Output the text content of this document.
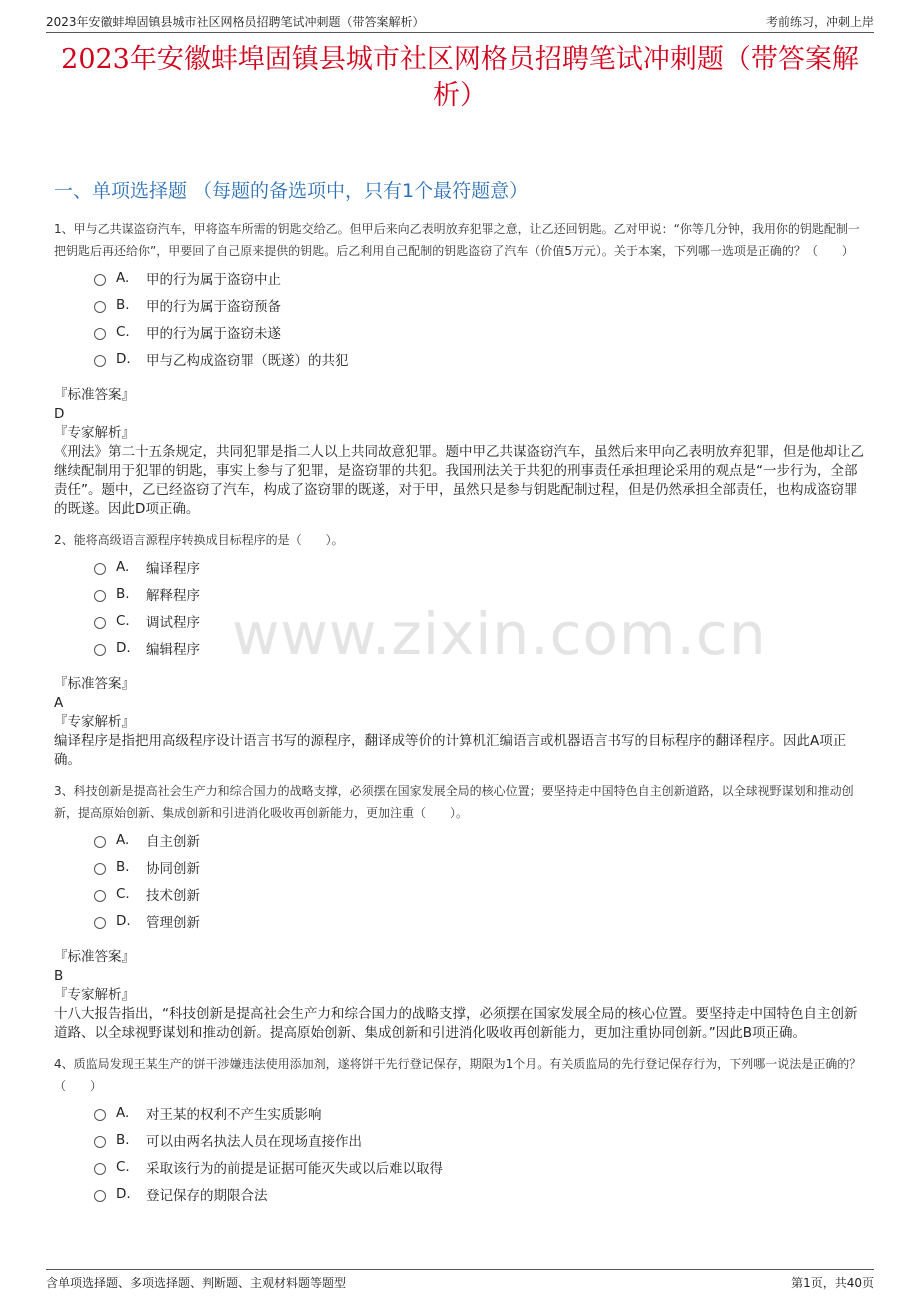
2023年安徽蚌埠固镇县城市社区网格员招聘笔试冲刺题（带答案解析）	考前练习，冲刺上岸
2023年安徽蚌埠固镇县城市社区网格员招聘笔试冲刺题（带答案解析）
一、单项选择题 （每题的备选项中，只有1个最符题意）
www.zixin.com.cn
1、甲与乙共谋盗窃汽车，甲将盗车所需的钥匙交给乙。但甲后来向乙表明放弃犯罪之意，让乙还回钥匙。乙对甲说：“你等几分钟，我用你的钥匙配制一把钥匙后再还给你”，甲要回了自己原来提供的钥匙。后乙利用自己配制的钥匙盗窃了汽车（价值5万元）。关于本案，下列哪一选项是正确的？（　　）
A.	甲的行为属于盗窃中止
B.	甲的行为属于盗窃预备
C.	甲的行为属于盗窃未遂
D.	甲与乙构成盗窃罪（既遂）的共犯
『标准答案』
D
『专家解析』
《刑法》第二十五条规定，共同犯罪是指二人以上共同故意犯罪。题中甲乙共谋盗窃汽车，虽然后来甲向乙表明放弃犯罪，但是他却让乙继续配制用于犯罪的钥匙，事实上参与了犯罪，是盗窃罪的共犯。我国刑法关于共犯的刑事责任承担理论采用的观点是“一步行为，全部责任”。题中，乙已经盗窃了汽车，构成了盗窃罪的既遂，对于甲，虽然只是参与钥匙配制过程，但是仍然承担全部责任，也构成盗窃罪的既遂。因此D项正确。
2、能将高级语言源程序转换成目标程序的是（　　）。
A.	编译程序
B.	解释程序
C.	调试程序
D.	编辑程序
『标准答案』
A
『专家解析』
编译程序是指把用高级程序设计语言书写的源程序，翻译成等价的计算机汇编语言或机器语言书写的目标程序的翻译程序。因此A项正确。
3、科技创新是提高社会生产力和综合国力的战略支撑，必须摆在国家发展全局的核心位置；要坚持走中国特色自主创新道路，以全球视野谋划和推动创新，提高原始创新、集成创新和引进消化吸收再创新能力，更加注重（　　）。
A.	自主创新
B.	协同创新
C.	技术创新
D.	管理创新
『标准答案』
B
『专家解析』
十八大报告指出，“科技创新是提高社会生产力和综合国力的战略支撑，必须摆在国家发展全局的核心位置。要坚持走中国特色自主创新道路、以全球视野谋划和推动创新。提高原始创新、集成创新和引进消化吸收再创新能力，更加注重协同创新。”因此B项正确。
4、质监局发现王某生产的饼干涉嫌违法使用添加剂，遂将饼干先行登记保存，期限为1个月。有关质监局的先行登记保存行为，下列哪一说法是正确的？（　　）
A.	对王某的权利不产生实质影响
B.	可以由两名执法人员在现场直接作出
C.	采取该行为的前提是证据可能灭失或以后难以取得
D.	登记保存的期限合法
含单项选择题、多项选择题、判断题、主观材料题等题型	第1页，共40页
